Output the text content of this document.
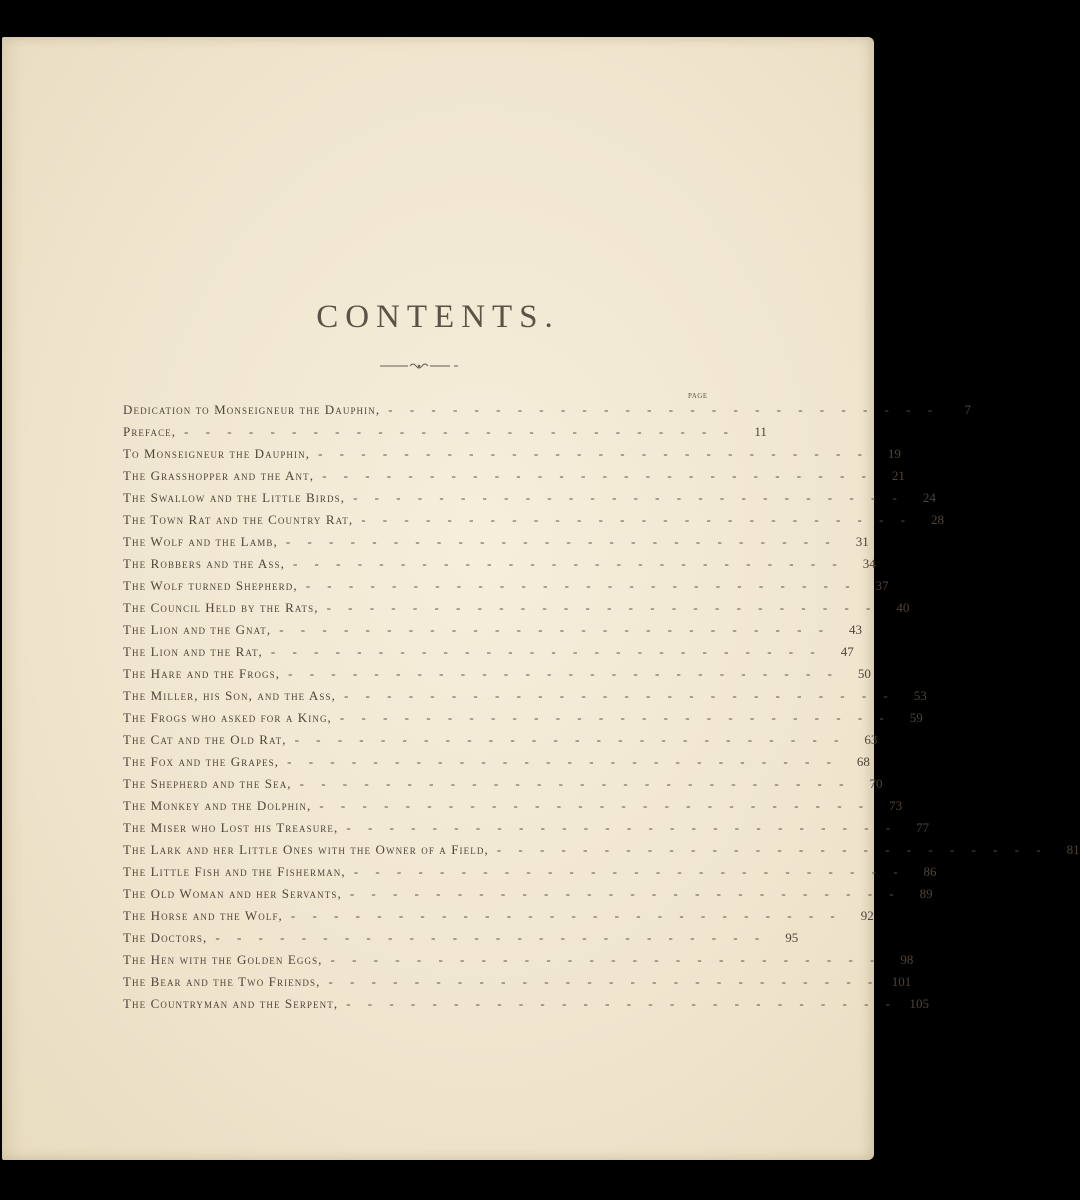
CONTENTS.
PAGE
Dedication to Monseigneur the Dauphin, - - - - - - - - - - - - - - - - - - - - - - - - - -	7
Preface, - - - - - - - - - - - - - - - - - - - - - - - - - -	11
To Monseigneur the Dauphin, - - - - - - - - - - - - - - - - - - - - - - - - - -	19
The Grasshopper and the Ant, - - - - - - - - - - - - - - - - - - - - - - - - - -	21
The Swallow and the Little Birds, - - - - - - - - - - - - - - - - - - - - - - - - - -	24
The Town Rat and the Country Rat, - - - - - - - - - - - - - - - - - - - - - - - - - -	28
The Wolf and the Lamb, - - - - - - - - - - - - - - - - - - - - - - - - - -	31
The Robbers and the Ass, - - - - - - - - - - - - - - - - - - - - - - - - - -	34
The Wolf turned Shepherd, - - - - - - - - - - - - - - - - - - - - - - - - - -	37
The Council Held by the Rats, - - - - - - - - - - - - - - - - - - - - - - - - - -	40
The Lion and the Gnat, - - - - - - - - - - - - - - - - - - - - - - - - - -	43
The Lion and the Rat, - - - - - - - - - - - - - - - - - - - - - - - - - -	47
The Hare and the Frogs, - - - - - - - - - - - - - - - - - - - - - - - - - -	50
The Miller, his Son, and the Ass, - - - - - - - - - - - - - - - - - - - - - - - - - -	53
The Frogs who asked for a King, - - - - - - - - - - - - - - - - - - - - - - - - - -	59
The Cat and the Old Rat, - - - - - - - - - - - - - - - - - - - - - - - - - -	63
The Fox and the Grapes, - - - - - - - - - - - - - - - - - - - - - - - - - -	68
The Shepherd and the Sea, - - - - - - - - - - - - - - - - - - - - - - - - - -	70
The Monkey and the Dolphin, - - - - - - - - - - - - - - - - - - - - - - - - - -	73
The Miser who Lost his Treasure, - - - - - - - - - - - - - - - - - - - - - - - - - -	77
The Lark and her Little Ones with the Owner of a Field, - - - - - - - - - - - - - - - - - - - - - - - - - -	81
The Little Fish and the Fisherman, - - - - - - - - - - - - - - - - - - - - - - - - - -	86
The Old Woman and her Servants, - - - - - - - - - - - - - - - - - - - - - - - - - -	89
The Horse and the Wolf, - - - - - - - - - - - - - - - - - - - - - - - - - -	92
The Doctors, - - - - - - - - - - - - - - - - - - - - - - - - - -	95
The Hen with the Golden Eggs, - - - - - - - - - - - - - - - - - - - - - - - - - -	98
The Bear and the Two Friends, - - - - - - - - - - - - - - - - - - - - - - - - - - 101
The Countryman and the Serpent, - - - - - - - - - - - - - - - - - - - - - - - - - - 105
